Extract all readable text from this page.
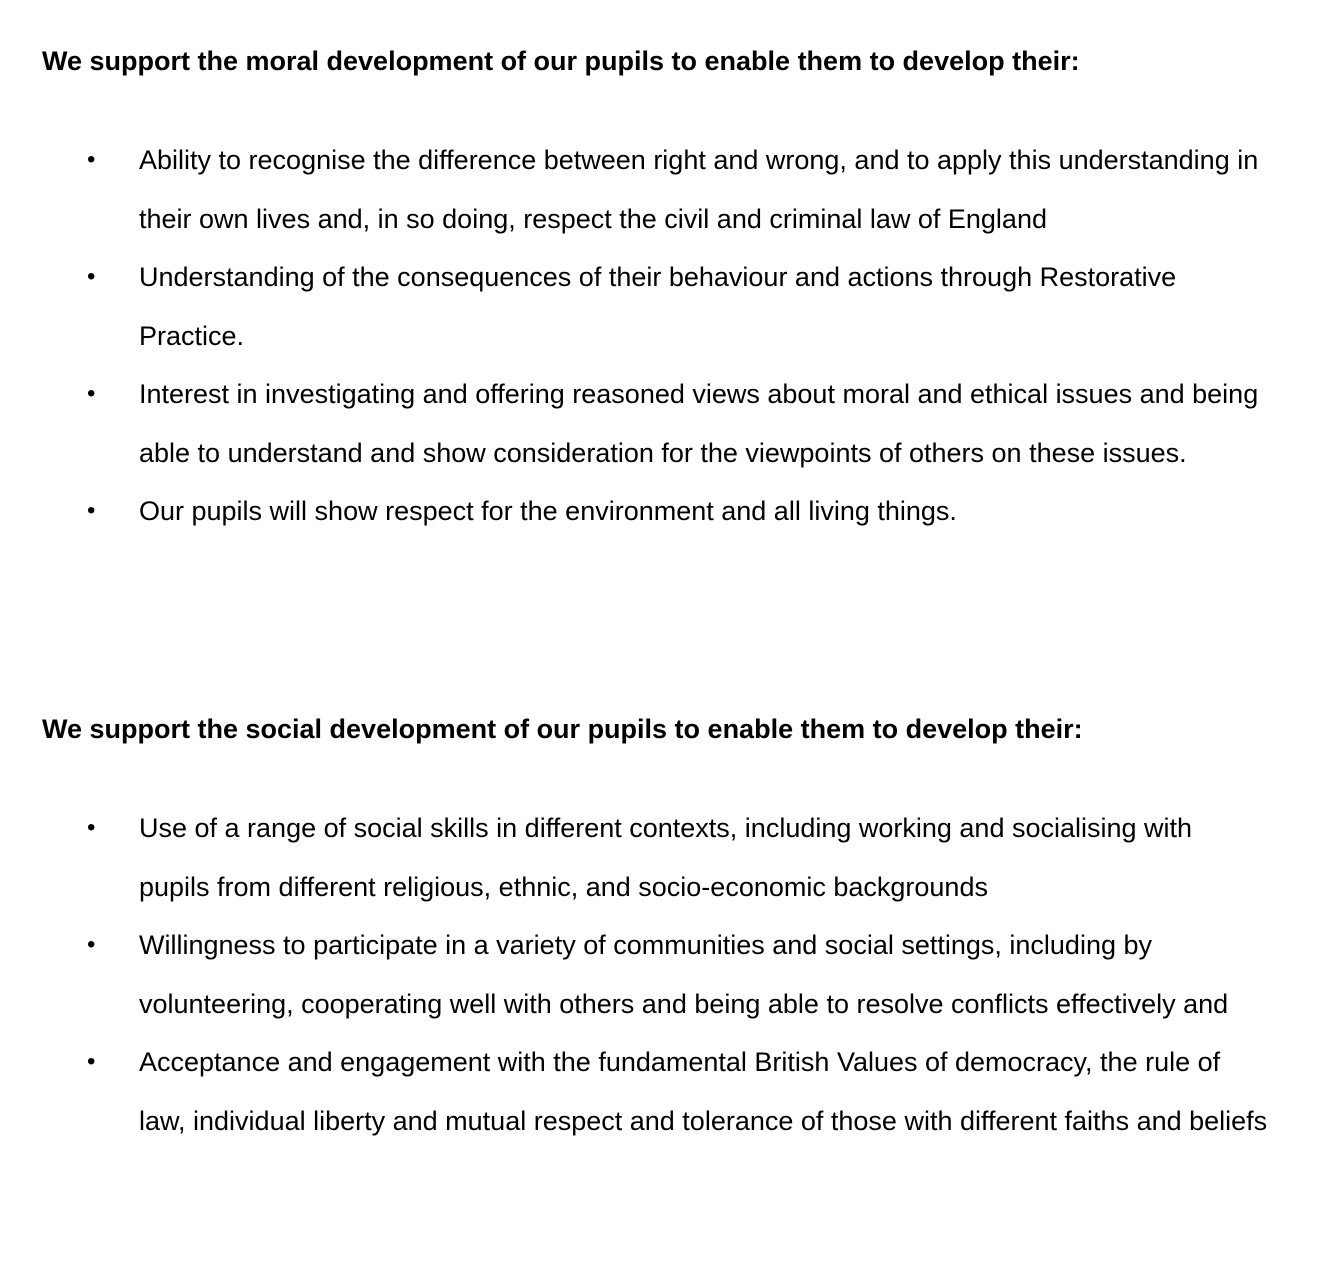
We support the moral development of our pupils to enable them to develop their:

• Ability to recognise the difference between right and wrong, and to apply this understanding in their own lives and, in so doing, respect the civil and criminal law of England
• Understanding of the consequences of their behaviour and actions through Restorative Practice.
• Interest in investigating and offering reasoned views about moral and ethical issues and being able to understand and show consideration for the viewpoints of others on these issues.
• Our pupils will show respect for the environment and all living things.

We support the social development of our pupils to enable them to develop their:

• Use of a range of social skills in different contexts, including working and socialising with pupils from different religious, ethnic, and socio-economic backgrounds
• Willingness to participate in a variety of communities and social settings, including by volunteering, cooperating well with others and being able to resolve conflicts effectively and
• Acceptance and engagement with the fundamental British Values of democracy, the rule of law, individual liberty and mutual respect and tolerance of those with different faiths and beliefs
